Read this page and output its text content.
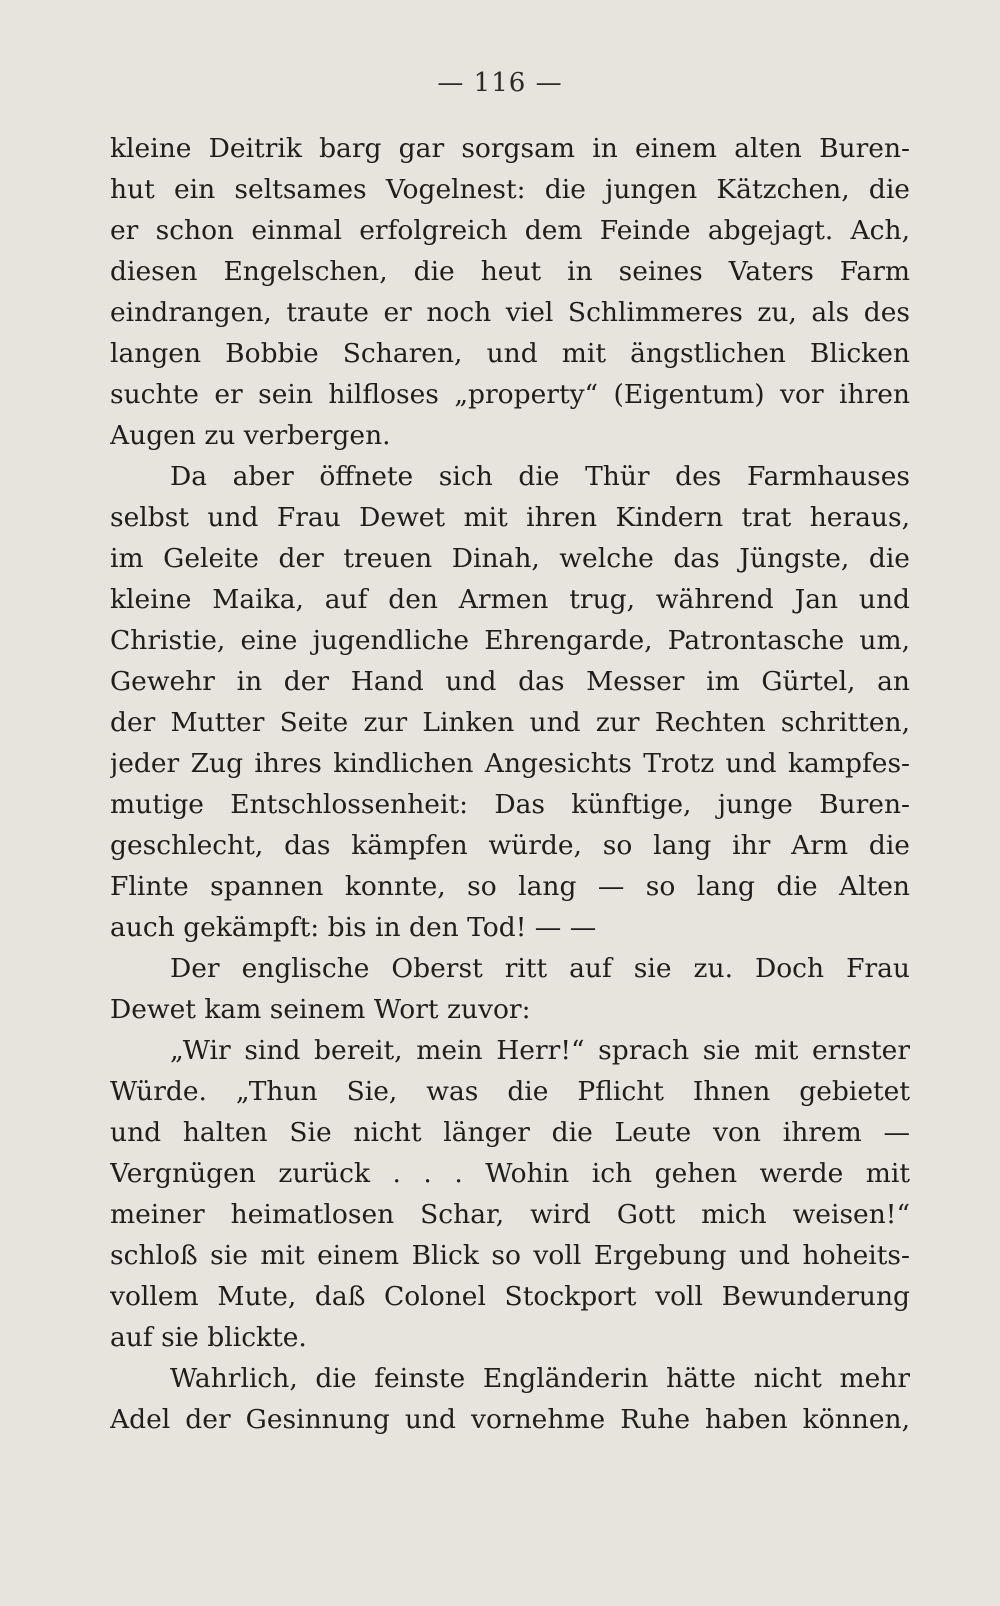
— 116 —
kleine Deitrik barg gar sorgsam in einem alten Buren-
hut ein seltsames Vogelnest: die jungen Kätzchen, die
er schon einmal erfolgreich dem Feinde abgejagt. Ach,
diesen Engelschen, die heut in seines Vaters Farm
eindrangen, traute er noch viel Schlimmeres zu, als des
langen Bobbie Scharen, und mit ängstlichen Blicken
suchte er sein hilfloses „property“ (Eigentum) vor ihren
Augen zu verbergen.
Da aber öffnete sich die Thür des Farmhauses
selbst und Frau Dewet mit ihren Kindern trat heraus,
im Geleite der treuen Dinah, welche das Jüngste, die
kleine Maika, auf den Armen trug, während Jan und
Christie, eine jugendliche Ehrengarde, Patrontasche um,
Gewehr in der Hand und das Messer im Gürtel, an
der Mutter Seite zur Linken und zur Rechten schritten,
jeder Zug ihres kindlichen Angesichts Trotz und kampfes-
mutige Entschlossenheit: Das künftige, junge Buren-
geschlecht, das kämpfen würde, so lang ihr Arm die
Flinte spannen konnte, so lang — so lang die Alten
auch gekämpft: bis in den Tod! — —
Der englische Oberst ritt auf sie zu. Doch Frau
Dewet kam seinem Wort zuvor:
„Wir sind bereit, mein Herr!“ sprach sie mit ernster
Würde. „Thun Sie, was die Pflicht Ihnen gebietet
und halten Sie nicht länger die Leute von ihrem —
Vergnügen zurück . . . Wohin ich gehen werde mit
meiner heimatlosen Schar, wird Gott mich weisen!“
schloß sie mit einem Blick so voll Ergebung und hoheits-
vollem Mute, daß Colonel Stockport voll Bewunderung
auf sie blickte.
Wahrlich, die feinste Engländerin hätte nicht mehr
Adel der Gesinnung und vornehme Ruhe haben können,
